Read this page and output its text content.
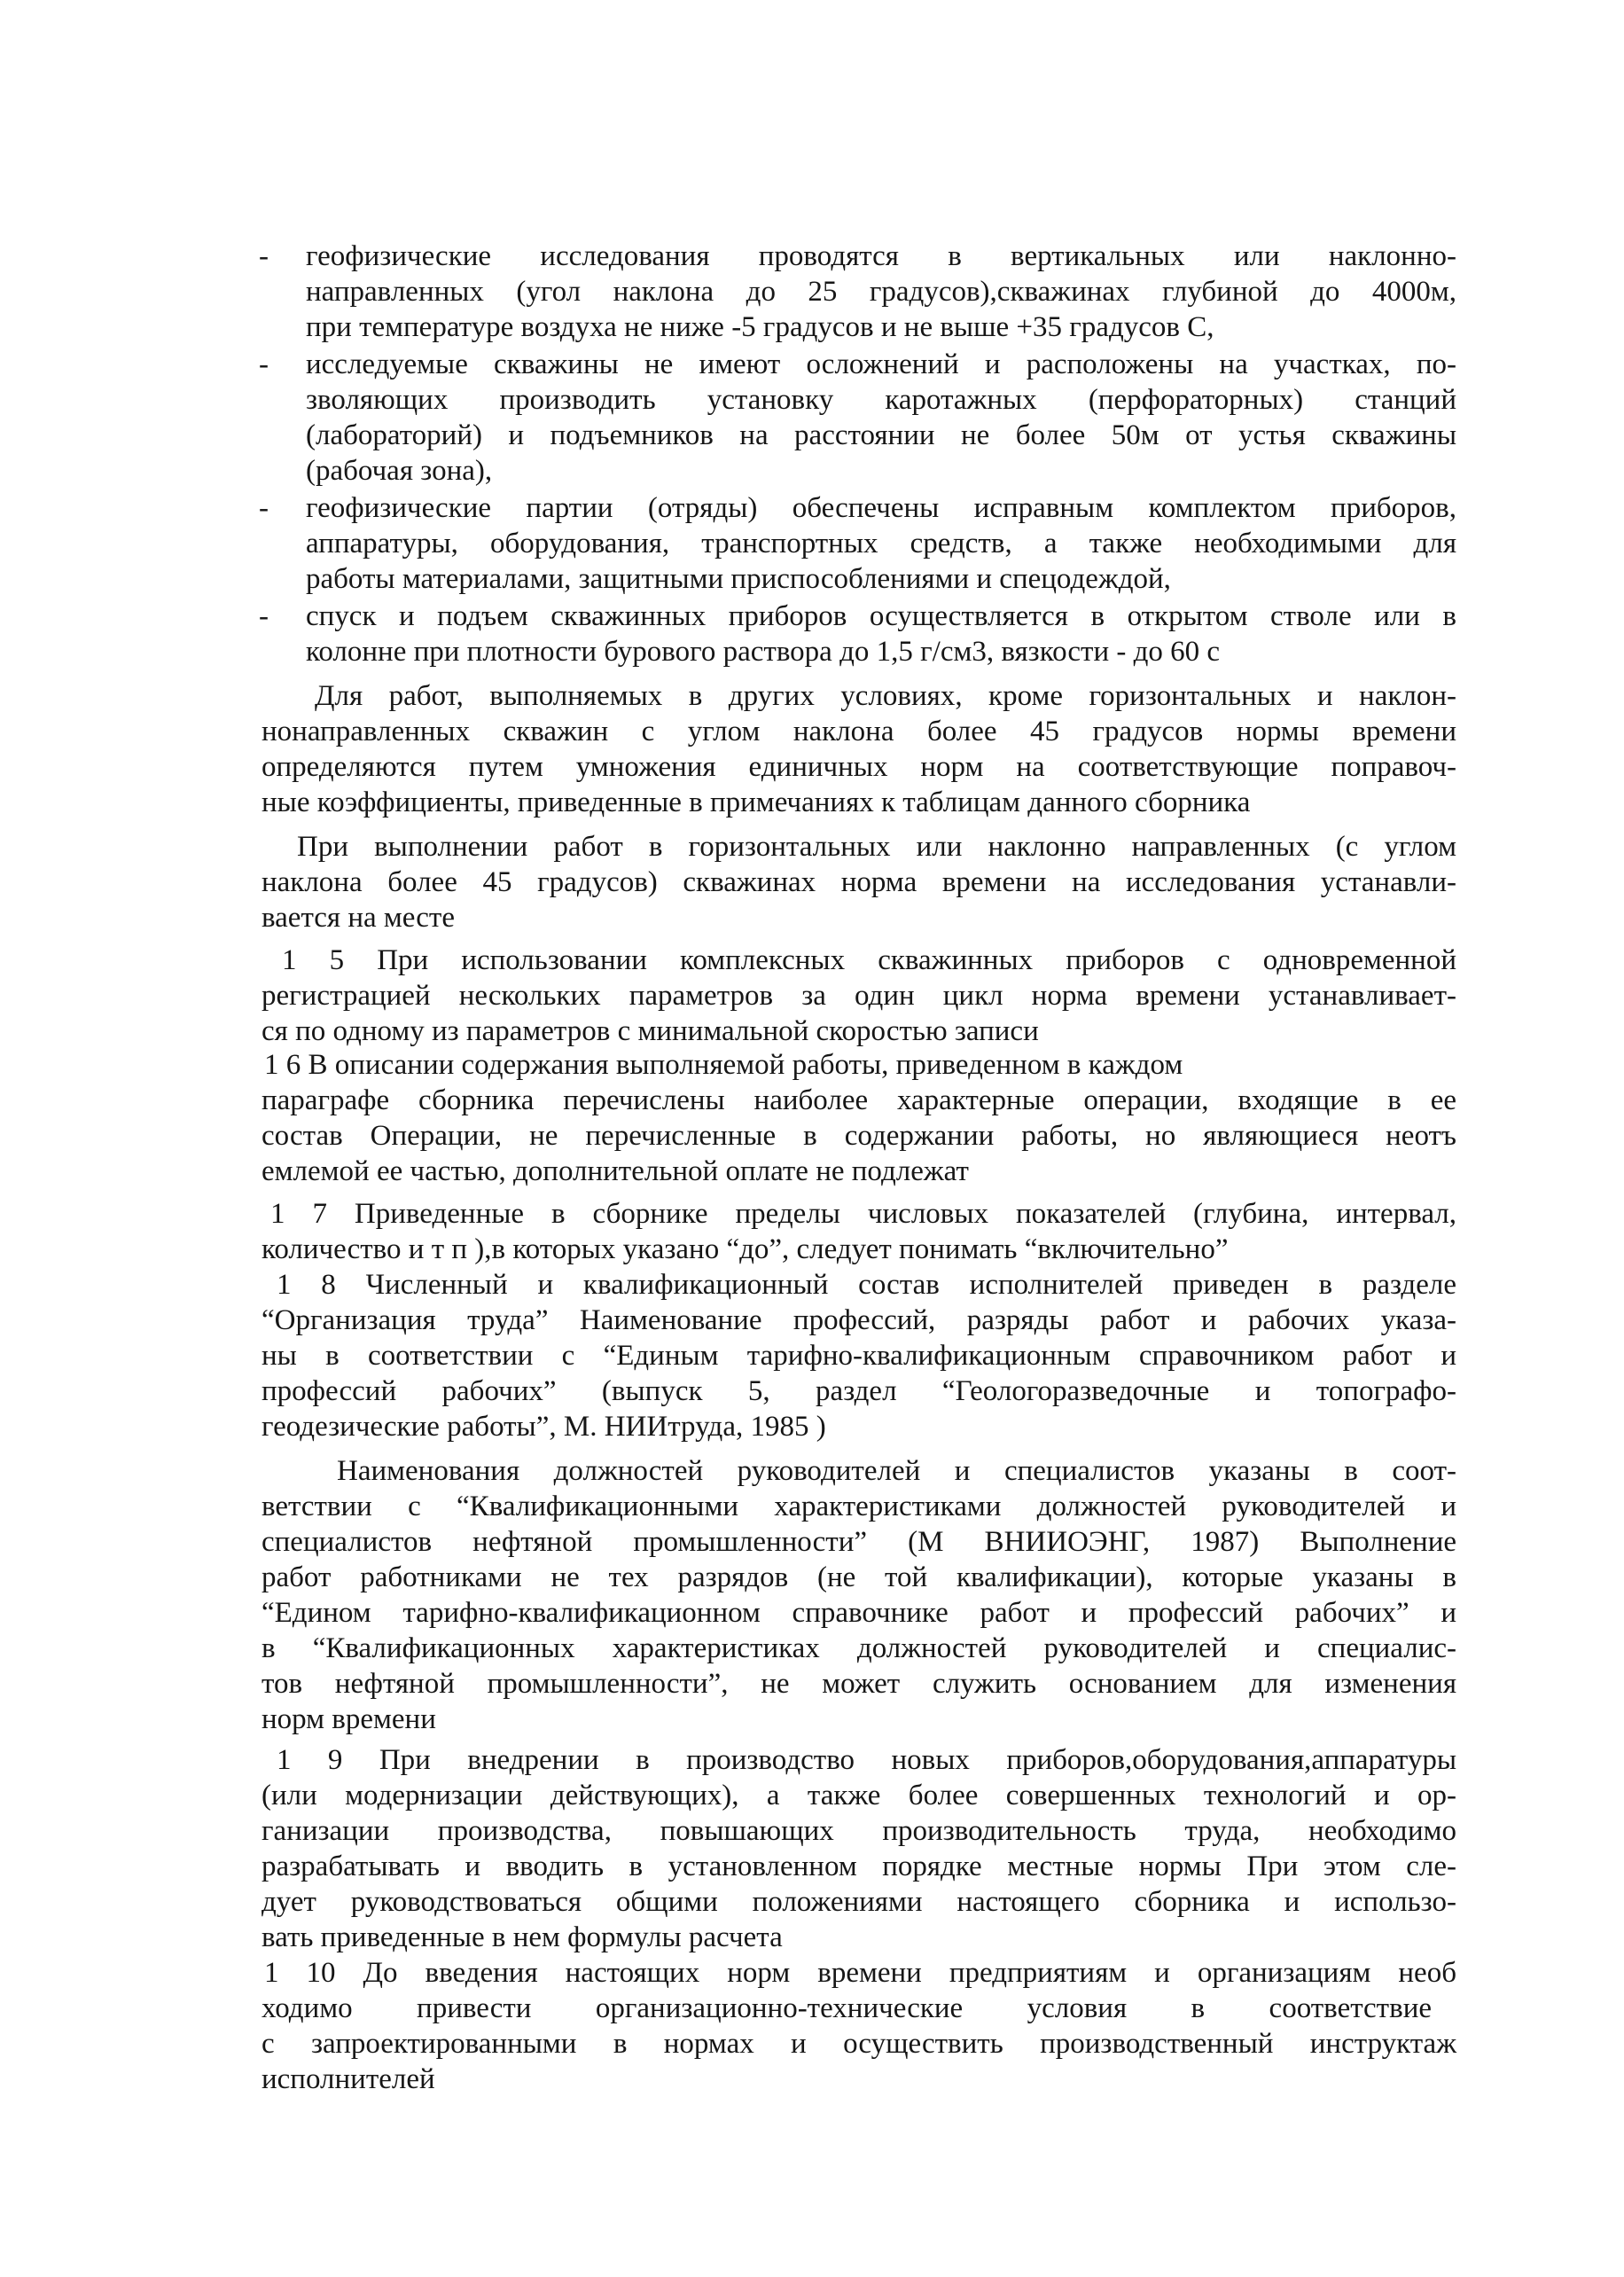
- геофизические исследования проводятся в вертикальных или наклонно-
направленных (угол наклона до 25 градусов),скважинах глубиной до 4000м,
при температуре воздуха не ниже -5 градусов и не выше +35 градусов С,
- исследуемые скважины не имеют осложнений и расположены на участках, по-
зволяющих производить установку каротажных (перфораторных) станций
(лабораторий) и подъемников на расстоянии не более 50м от устья скважины
(рабочая зона),
- геофизические партии (отряды) обеспечены исправным комплектом приборов,
аппаратуры, оборудования, транспортных средств, а также необходимыми для
работы материалами, защитными приспособлениями и спецодеждой,
- спуск и подъем скважинных приборов осуществляется в открытом стволе или в
колонне при плотности бурового раствора до 1,5 г/см3, вязкости - до 60 с
Для работ, выполняемых в других условиях, кроме горизонтальных и наклон-
нонаправленных скважин с углом наклона более 45 градусов нормы времени
определяются путем умножения единичных норм на соответствующие поправоч-
ные коэффициенты, приведенные в примечаниях к таблицам данного сборника
При выполнении работ в горизонтальных или наклонно направленных (с углом
наклона более 45 градусов) скважинах норма времени на исследования устанавли-
вается на месте
1 5 При использовании комплексных скважинных приборов с одновременной
регистрацией нескольких параметров за один цикл норма времени устанавливает-
ся по одному из параметров с минимальной скоростью записи
1 6 В описании содержания выполняемой работы, приведенном в каждом
параграфе сборника перечислены наиболее характерные операции, входящие в ее
состав Операции, не перечисленные в содержании работы, но являющиеся неотъ
емлемой ее частью, дополнительной оплате не подлежат
1 7 Приведенные в сборнике пределы числовых показателей (глубина, интервал,
количество и т п ),в которых указано “до”, следует понимать “включительно”
1 8 Численный и квалификационный состав исполнителей приведен в разделе
“Организация труда” Наименование профессий, разряды работ и рабочих указа-
ны в соответствии с “Единым тарифно-квалификационным справочником работ и
профессий рабочих” (выпуск 5, раздел “Геологоразведочные и топографо-
геодезические работы”, М. НИИтруда, 1985 )
Наименования должностей руководителей и специалистов указаны в соот-
ветствии с “Квалификационными характеристиками должностей руководителей и
специалистов нефтяной промышленности” (М ВНИИОЭНГ, 1987) Выполнение
работ работниками не тех разрядов (не той квалификации), которые указаны в
“Едином тарифно-квалификационном справочнике работ и профессий рабочих” и
в “Квалификационных характеристиках должностей руководителей и специалис-
тов нефтяной промышленности”, не может служить основанием для изменения
норм времени
1 9 При внедрении в производство новых приборов,оборудования,аппаратуры
(или модернизации действующих), а также более совершенных технологий и ор-
ганизации производства, повышающих производительность труда, необходимо
разрабатывать и вводить в установленном порядке местные нормы При этом сле-
дует руководствоваться общими положениями настоящего сборника и использо-
вать приведенные в нем формулы расчета
1 10 До введения настоящих норм времени предприятиям и организациям необ
ходимо привести организационно-технические условия в соответствие
с запроектированными в нормах и осуществить производственный инструктаж
исполнителей
